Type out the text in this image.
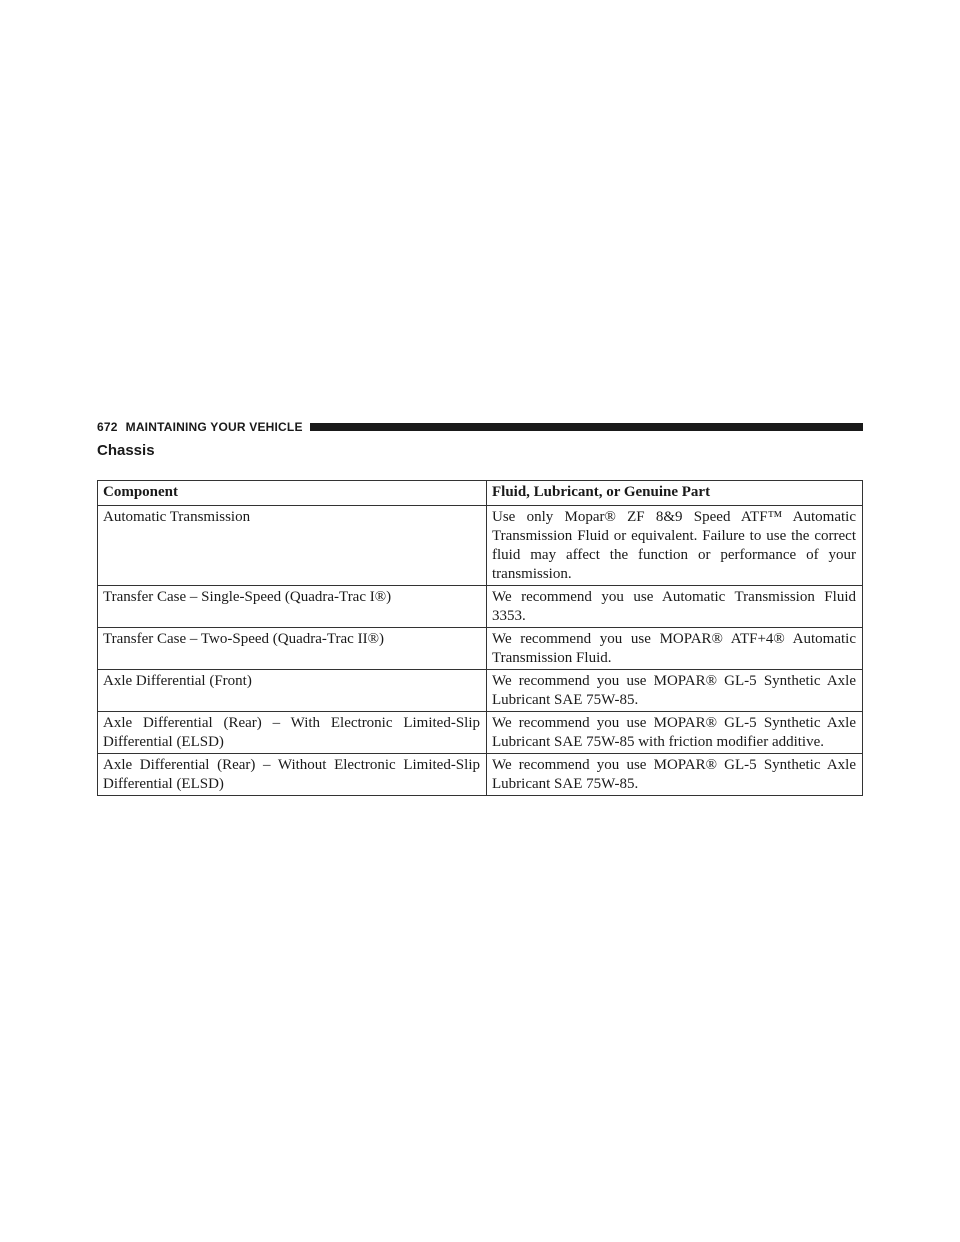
672 MAINTAINING YOUR VEHICLE
Chassis
Component	Fluid, Lubricant, or Genuine Part
Automatic Transmission	Use only Mopar® ZF 8&9 Speed ATF™ Automatic Transmission Fluid or equivalent. Failure to use the correct fluid may affect the function or performance of your transmission.
Transfer Case – Single-Speed (Quadra-Trac I®)	We recommend you use Automatic Transmission Fluid 3353.
Transfer Case – Two-Speed (Quadra-Trac II®)	We recommend you use MOPAR® ATF+4® Automatic Transmission Fluid.
Axle Differential (Front)	We recommend you use MOPAR® GL-5 Synthetic Axle Lubricant SAE 75W-85.
Axle Differential (Rear) – With Electronic Limited-Slip Differential (ELSD)	We recommend you use MOPAR® GL-5 Synthetic Axle Lubricant SAE 75W-85 with friction modifier additive.
Axle Differential (Rear) – Without Electronic Limited-Slip Differential (ELSD)	We recommend you use MOPAR® GL-5 Synthetic Axle Lubricant SAE 75W-85.
